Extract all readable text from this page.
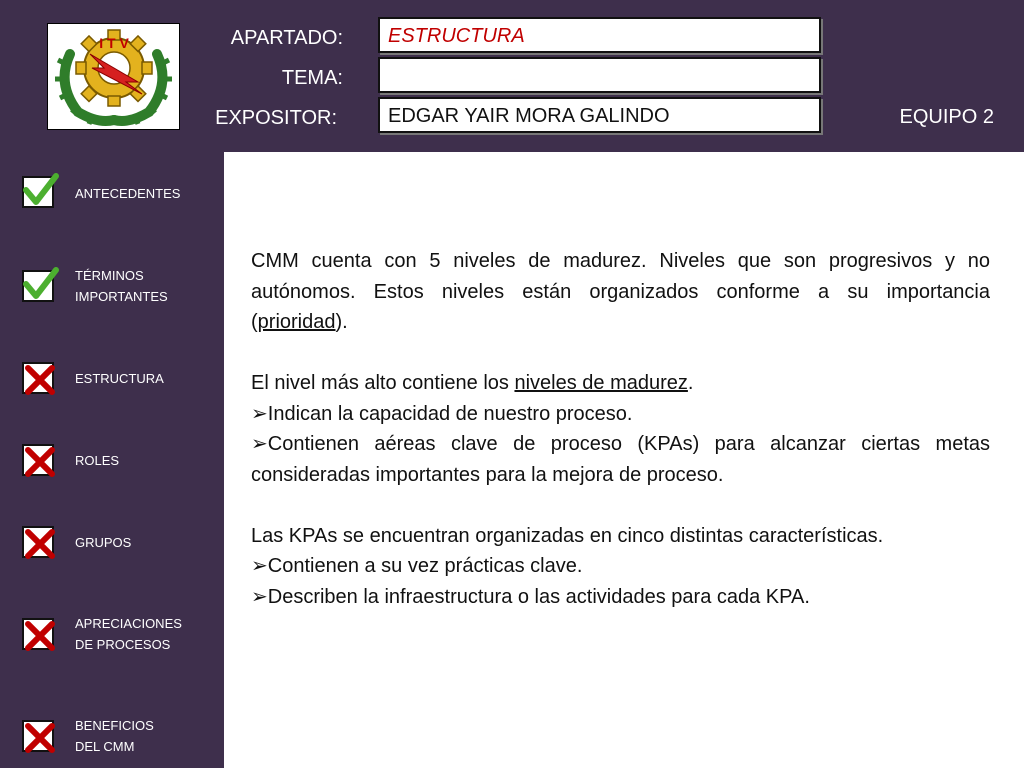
I T V	APARTADO:
TEMA:
EXPOSITOR:
ESTRUCTURA
EDGAR YAIR MORA GALINDO	EQUIPO 2
ANTECEDENTES
TÉRMINOS
IMPORTANTES
ESTRUCTURA
ROLES
GRUPOS
APRECIACIONES
DE PROCESOS
BENEFICIOS
DEL CMM

CMM cuenta con 5 niveles de madurez. Niveles que son progresivos y no autónomos. Estos niveles están organizados conforme a su importancia (prioridad).

El nivel más alto contiene los niveles de madurez.

➢ Indican la capacidad de nuestro proceso.

➢ Contienen aéreas clave de proceso (KPAs) para alcanzar ciertas metas consideradas importantes para la mejora de proceso.

Las KPAs se encuentran organizadas en cinco distintas características.

➢ Contienen a su vez prácticas clave.

➢ Describen la infraestructura o las actividades para cada KPA.
